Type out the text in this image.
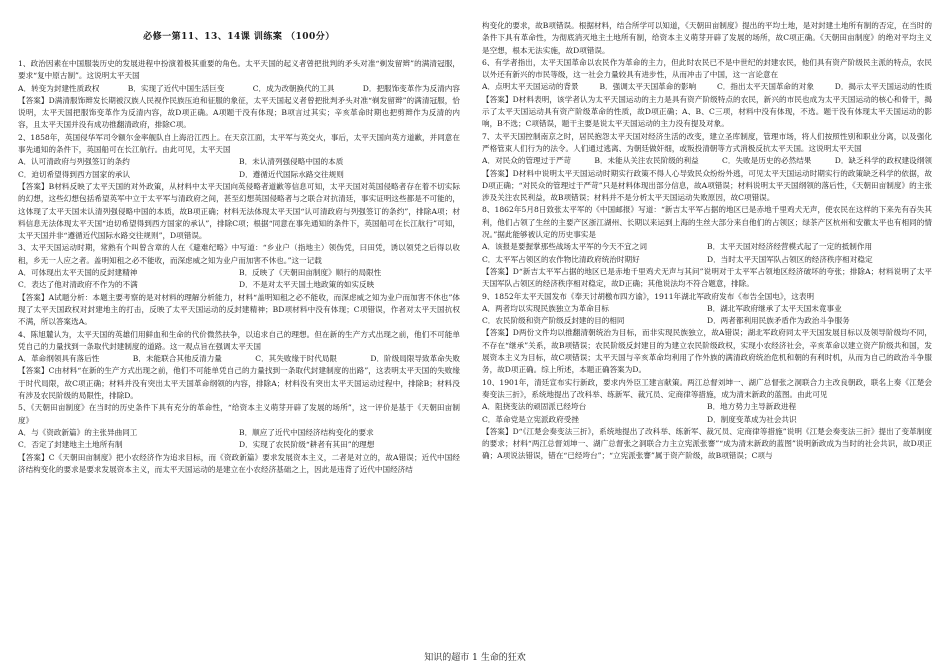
必修一第11、13、14课 训练案 （100分）

1、政治因素在中国服装历史的发展进程中扮演着极其重要的角色。太平天国的起义者曾把批判的矛头对准“剃发留辫”的满清冠服，要求“复中原古制”。这说明太平天国

A．转变为封建性质政权	B．实现了近代中国生活巨变	C．成为改朝换代的工具	D．把服饰变革作为反清内容

【答案】D满清服饰辫发长期被汉族人民视作民族压迫和征服的象征，太平天国起义者曾把批判矛头对准“剃发留辫”的满清冠服，恰说明，太平天国把服饰变革作为反清内容，故D项正确。A项题干没有体现；B项言过其实；辛亥革命时期也把剪辫作为反清的内容，且太平天国并没有成功推翻清政府，排除C项。

2、1858年，英国侵华军司令额尔金率舰队自上海沿江西上。在天京江面，太平军与英交火，事后，太平天国向英方道歉，并同意在事先通知的条件下，英国船可在长江航行。由此可见，太平天国

A．认可清政府与列强签订的条约	B．未认清列强侵略中国的本质
C．迫切希望得到西方国家的承认	D．遵循近代国际水路交往规则

【答案】B材料反映了太平天国的对外政策，从材料中太平天国向英侵略者道歉等信息可知，太平天国对英国侵略者存在着不切实际的幻想，这些幻想包括希望英军中立于太平军与清政府之间，甚至幻想英国侵略者与之联合对抗清廷，事实证明这些都是不可能的，这体现了太平天国未认清列强侵略中国的本质，故B项正确；材料无法体现太平天国“认可清政府与列强签订的条约”，排除A项；材料信息无法体现太平天国“迫切希望得到西方国家的承认”，排除C项；根据“同意在事先通知的条件下，英国船可在长江航行”可知，太平天国并非“遵循近代国际水路交往规则”，D项错误。

3、太平天国运动时期，常熟有个叫曾含章的人在《避难纪略》中写道：“乡业户（指地主）领伪凭，曰田凭，诱以领凭之后得以收租，乡无一人应之者。盖明知租之必不能收，而深虑威之知为业户而加害不休也。”这一记载

A．可体现出太平天国的反封建精神	B．反映了《天朝田亩制度》顺行的局限性
C．表达了他对清政府不作为的不满	D．不是对太平天国土地政策的如实反映

【答案】A试题分析：本题主要考察的是对材料的理解分析能力，材料“盖明知租之必不能收，而深虑威之知为业户而加害不休也”体现了太平天国政权对封建地主的打击，反映了太平天国运动的反封建精神；BD项材料中没有体现；C项错误，作者对太平天国抗权不满，所以答案选A。

4、陈旭麓认为，太平天国的英雄们用鲜血和生命的代价微然扶争，以追求自己的理想。但在新的生产方式出现之前，他们不可能单凭自己的力量找到一条取代封建制度的道路。这一观点旨在强调太平天国

A．革命纲领具有落后性	B．未能联合其他反清力量	C．其失败缘于时代局限	D．阶级局限导致革命失败

【答案】C由材料“在新的生产方式出现之前，他们不可能单凭自己的力量找到一条取代封建制度的出路”，这表明太平天国的失败缘于时代局限，故C项正确；材料并没有突出太平天国革命纲领的内容，排除A；材料没有突出太平天国运动过程中，排除B；材料没有涉及农民阶级的局限性，排除D。

5、《天朝田亩制度》在当时的历史条件下具有充分的革命性，“给资本主义萌芽开辟了发展的场所”，这一评价是基于《天朝田亩制度》

A．与《资政新篇》的主张异曲同工	B．顺应了近代中国经济结构变化的要求
C．否定了封建地主土地所有制	D．实现了农民阶级“耕者有其田”的理想

【答案】C《天朝田亩制度》把小农经济作为追求目标，而《资政新篇》要求发展资本主义，二者是对立的，故A错误；近代中国经济结构变化的要求是要求发展资本主义，而太平天国运动的是建立在小农经济基础之上，因此是违背了近代中国经济结

构变化的要求，故B项错误。根据材料，结合所学可以知道，《天朝田亩制度》提出的平均土地，是对封建土地所有制的否定，在当时的条件下具有革命性，为彻底消灭地主土地所有制，给资本主义萌芽开辟了发展的场所，故C项正确。《天朝田亩制度》的绝对平均主义是空想，根本无法实施，故D项错误。

6、有学者指出，太平天国革命以农民作为革命的主力，但此时农民已不是中世纪的封建农民，他们具有资产阶级民主派的特点，农民以外还有新兴的市民等级，这一社会力量较具有进步性，从而冲击了中国，这一言论意在

A．点明太平天国运动的背景	B．强调太平天国革命的影响	C．指出太平天国革命的对象	D．揭示太平天国运动的性质

【答案】D材料表明，该学者认为太平天国运动的主力是具有资产阶级特点的农民，新兴的市民也成为太平天国运动的核心和骨干，揭示了太平天国运动具有资产阶级革命的性质，故D项正确；A、B、C三项，材料中没有体现，不选。题干没有体现太平天国运动的影响，B不选；C项错误，题干主要是说太平天国运动的主力没有提及对象。

7、太平天国控制南京之时，居民抱怨太平天国对经济生活的改变，建立圣库制度，管理市场，将人们按照性别和职业分离，以及强化严格管束人们行为的法令。人们通过逃离、为朝廷做奸细，或叛投清朝等方式消极反抗太平天国。这说明太平天国

A．对民众的管理过于严苛	B．未能从关注农民阶级的利益	C．失败是历史的必然结果	D．缺乏科学的政权建设纲领

【答案】D材料中说明太平天国运动时期实行政策不得人心导致民众纷纷外逃，可见太平天国运动时期实行的政策缺乏科学的依据，故D项正确；“对民众的管理过于严苛”只是材料体现出部分信息，故A项错误；材料说明太平天国纲领的落后性，《天朝田亩制度》的主张涉及关注农民利益，故B项错误；材料并不是分析太平天国运动失败原因，故C项错误。

8、1862年5月8日致张太平军的《中国邮报》写道：“新吉太平军占据的地区已是赤地千里鸡犬无声，使农民在这样的下来先有吞失其利，他们占领了生丝的主要产区浙江湖州、长期以来运到上海的生丝大部分来自他们的占领区；绿茶产区杭州和安徽太平也有相同的情况。”据此能够被认定的历史事实是

A．该报是要握掌那些战场太平军的今天不宜之词	B．太平天国对经济经营模式起了一定的抵制作用
C．太平军占领区的农作物比清政府统治时期好	D．当时太平天国军队占领区的经济秩序相对稳定

【答案】D“新吉太平军占据的地区已是赤地千里鸡犬无声与其问”说明对于太平军占领地区经济破坏的夸张；排除A；材料说明了太平天国军队占领区的经济秩序相对稳定，故D正确；其他说法均不符合题意，排除。

9、1852年太平天国发布《奉天讨胡檄布四方谕》，1911年湖北军政府发布《布告全国电》，这表明

A．两者均以实现民族独立为革命目标	B．湖北军政府继承了太平天国未竟事业
C．农民阶级和资产阶级反封建的目的相同	D．两者都利用民族矛盾作为政治斗争服务

【答案】D两份文件均以推翻清朝统治为目标，而非实现民族独立，故A错误；湖北军政府同太平天国发展目标以及领导阶级均不同，不存在“继承”关系，故B项错误；农民阶级反封建目的为建立农民阶级政权，实现小农经济社会，辛亥革命以建立资产阶级共和国，发展资本主义为目标，故C项错误；太平天国与辛亥革命均利用了作外族的满清政府统治危机和朝的有利时机，从而为自己的政治斗争服务，故D项正确。综上所述，本题正确答案为D。

10、1901年，清廷宣布实行新政，要求内外臣工建言献策。两江总督刘坤一、湖广总督张之洞联合力主改良朝政，联名上奏《江楚会奏变法三折》，系统地提出了改科举、练新军、裁冗员、定商律等措施，成为清末新政的蓝图。由此可见

A．阻挠变法的顽固派已经垮台	B．地方势力主导新政进程
C．革命党是立宪派政府受挫	D．制度变革成为社会共识

【答案】D“《江楚会奏变法三折》，系统地提出了改科举、练新军、裁冗员、定商律等措施”说明《江楚会奏变法三折》提出了变革制度的要求；材料“两江总督刘坤一、湖广总督张之洞联合力主立宪派张謇”“成为清末新政的蓝图”说明新政成为当时的社会共识，故D项正确；A项说法错误，错在“已经垮台”；“立宪派张謇”属于资产阶级，故B项错误；C项与

知识的超市 1 生命的狂欢
